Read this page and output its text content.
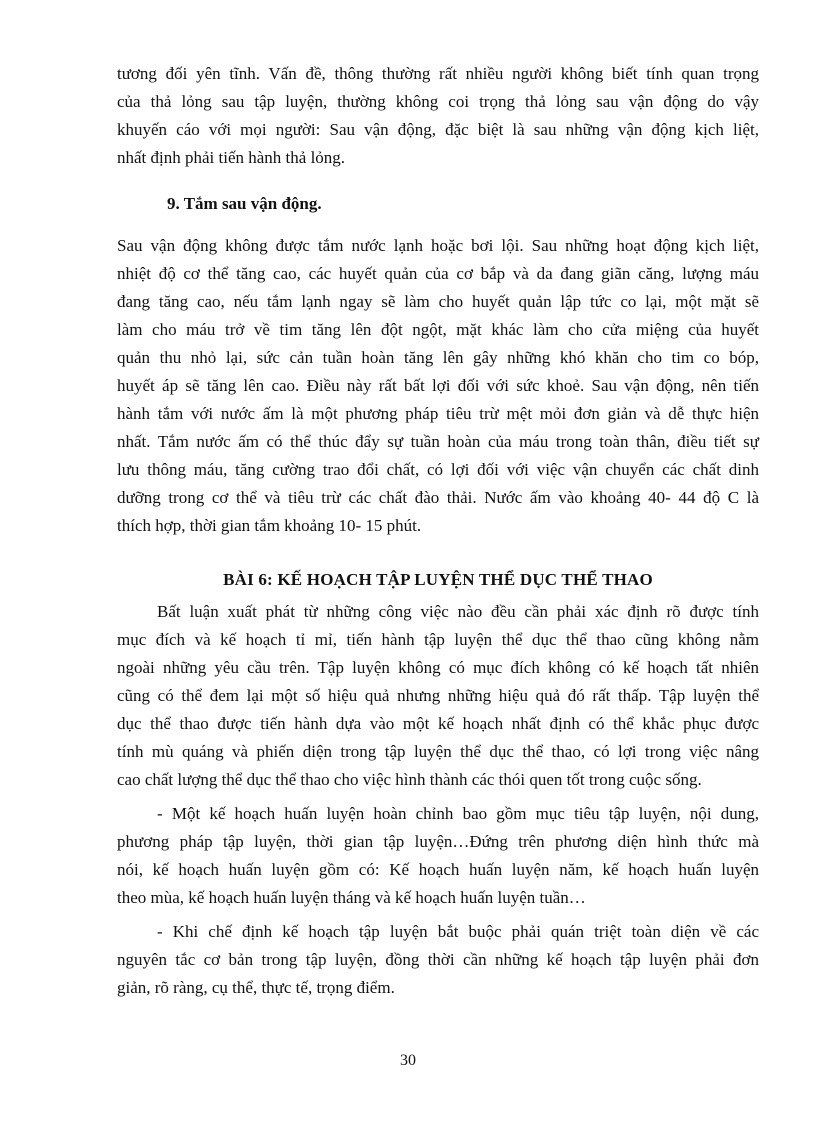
tương đối yên tĩnh. Vấn đề, thông thường rất nhiều người không biết tính quan trọng
của thả lỏng sau tập luyện, thường không coi trọng thả lỏng sau vận động do vậy
khuyến cáo với mọi người: Sau vận động, đặc biệt là sau những vận động kịch liệt,
nhất định phải tiến hành thả lỏng.

9. Tắm sau vận động.

Sau vận động không được tắm nước lạnh hoặc bơi lội. Sau những hoạt động kịch liệt,
nhiệt độ cơ thể tăng cao, các huyết quản của cơ bắp và da đang giãn căng, lượng máu
đang tăng cao, nếu tắm lạnh ngay sẽ làm cho huyết quản lập tức co lại, một mặt sẽ
làm cho máu trở về tim tăng lên đột ngột, mặt khác làm cho cửa miệng của huyết
quản thu nhỏ lại, sức cản tuần hoàn tăng lên gây những khó khăn cho tim co bóp,
huyết áp sẽ tăng lên cao. Điều này rất bất lợi đối với sức khoẻ. Sau vận động, nên tiến
hành tắm với nước ấm là một phương pháp tiêu trừ mệt mỏi đơn giản và dễ thực hiện
nhất. Tắm nước ấm có thể thúc đẩy sự tuần hoàn của máu trong toàn thân, điều tiết sự
lưu thông máu, tăng cường trao đổi chất, có lợi đối với việc vận chuyển các chất dinh
dưỡng trong cơ thể và tiêu trừ các chất đào thải. Nước ấm vào khoảng 40- 44 độ C là
thích hợp, thời gian tắm khoảng 10- 15 phút.

BÀI 6: KẾ HOẠCH TẬP LUYỆN THỂ DỤC THỂ THAO

Bất luận xuất phát từ những công việc nào đều cần phải xác định rõ được tính
mục đích và kế hoạch tỉ mỉ, tiến hành tập luyện thể dục thể thao cũng không nằm
ngoài những yêu cầu trên. Tập luyện không có mục đích không có kế hoạch tất nhiên
cũng có thể đem lại một số hiệu quả nhưng những hiệu quả đó rất thấp. Tập luyện thể
dục thể thao được tiến hành dựa vào một kế hoạch nhất định có thể khắc phục được
tính mù quáng và phiến diện trong tập luyện thể dục thể thao, có lợi trong việc nâng
cao chất lượng thể dục thể thao cho việc hình thành các thói quen tốt trong cuộc sống.

- Một kế hoạch huấn luyện hoàn chỉnh bao gồm mục tiêu tập luyện, nội dung,
phương pháp tập luyện, thời gian tập luyện…Đứng trên phương diện hình thức mà
nói, kế hoạch huấn luyện gồm có: Kế hoạch huấn luyện năm, kế hoạch huấn luyện
theo mùa, kế hoạch huấn luyện tháng và kế hoạch huấn luyện tuần…

- Khi chế định kế hoạch tập luyện bắt buộc phải quán triệt toàn diện về các
nguyên tắc cơ bản trong tập luyện, đồng thời cần những kế hoạch tập luyện phải đơn
giản, rõ ràng, cụ thể, thực tế, trọng điểm.

30
